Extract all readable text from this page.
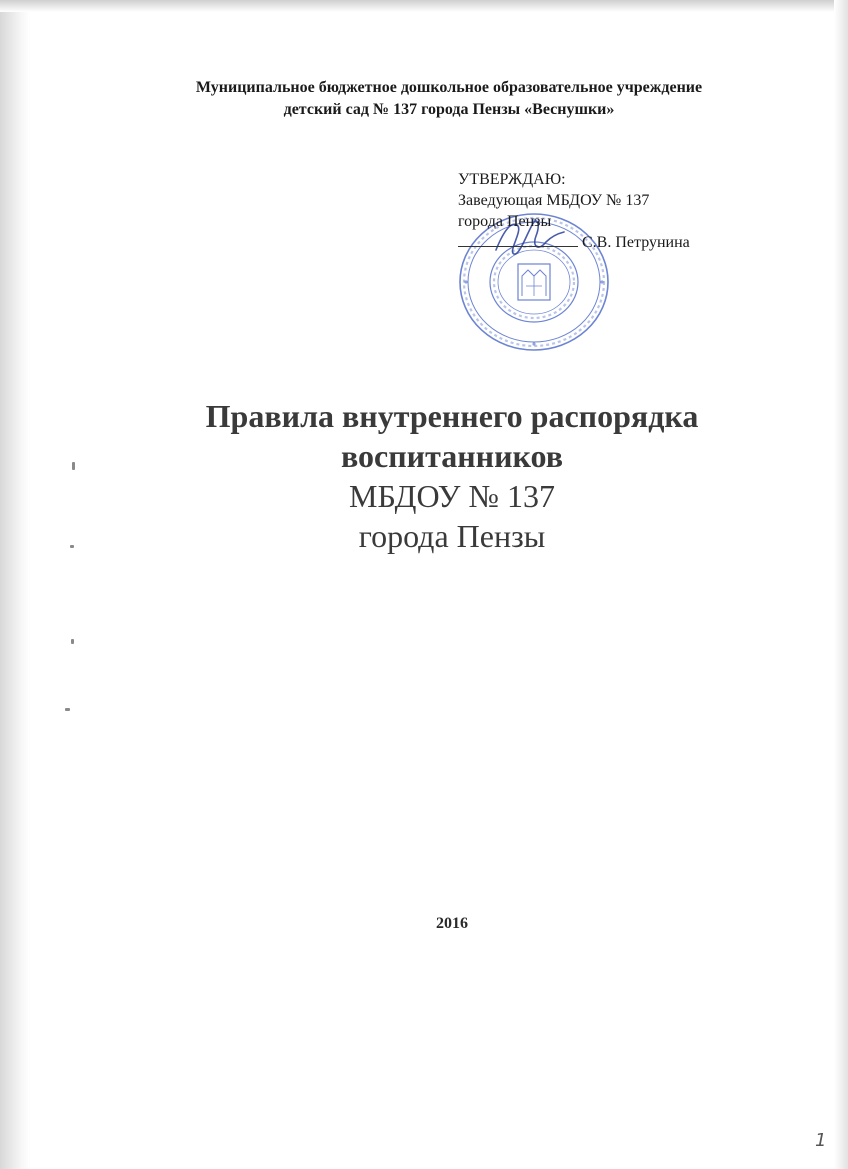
Муниципальное бюджетное дошкольное образовательное учреждение
детский сад № 137 города Пензы «Веснушки»
УТВЕРЖДАЮ:
Заведующая МБДОУ № 137
города Пензы
С.В. Петрунина
Правила внутреннего распорядка
воспитанников
МБДОУ № 137
города Пензы
2016
1
